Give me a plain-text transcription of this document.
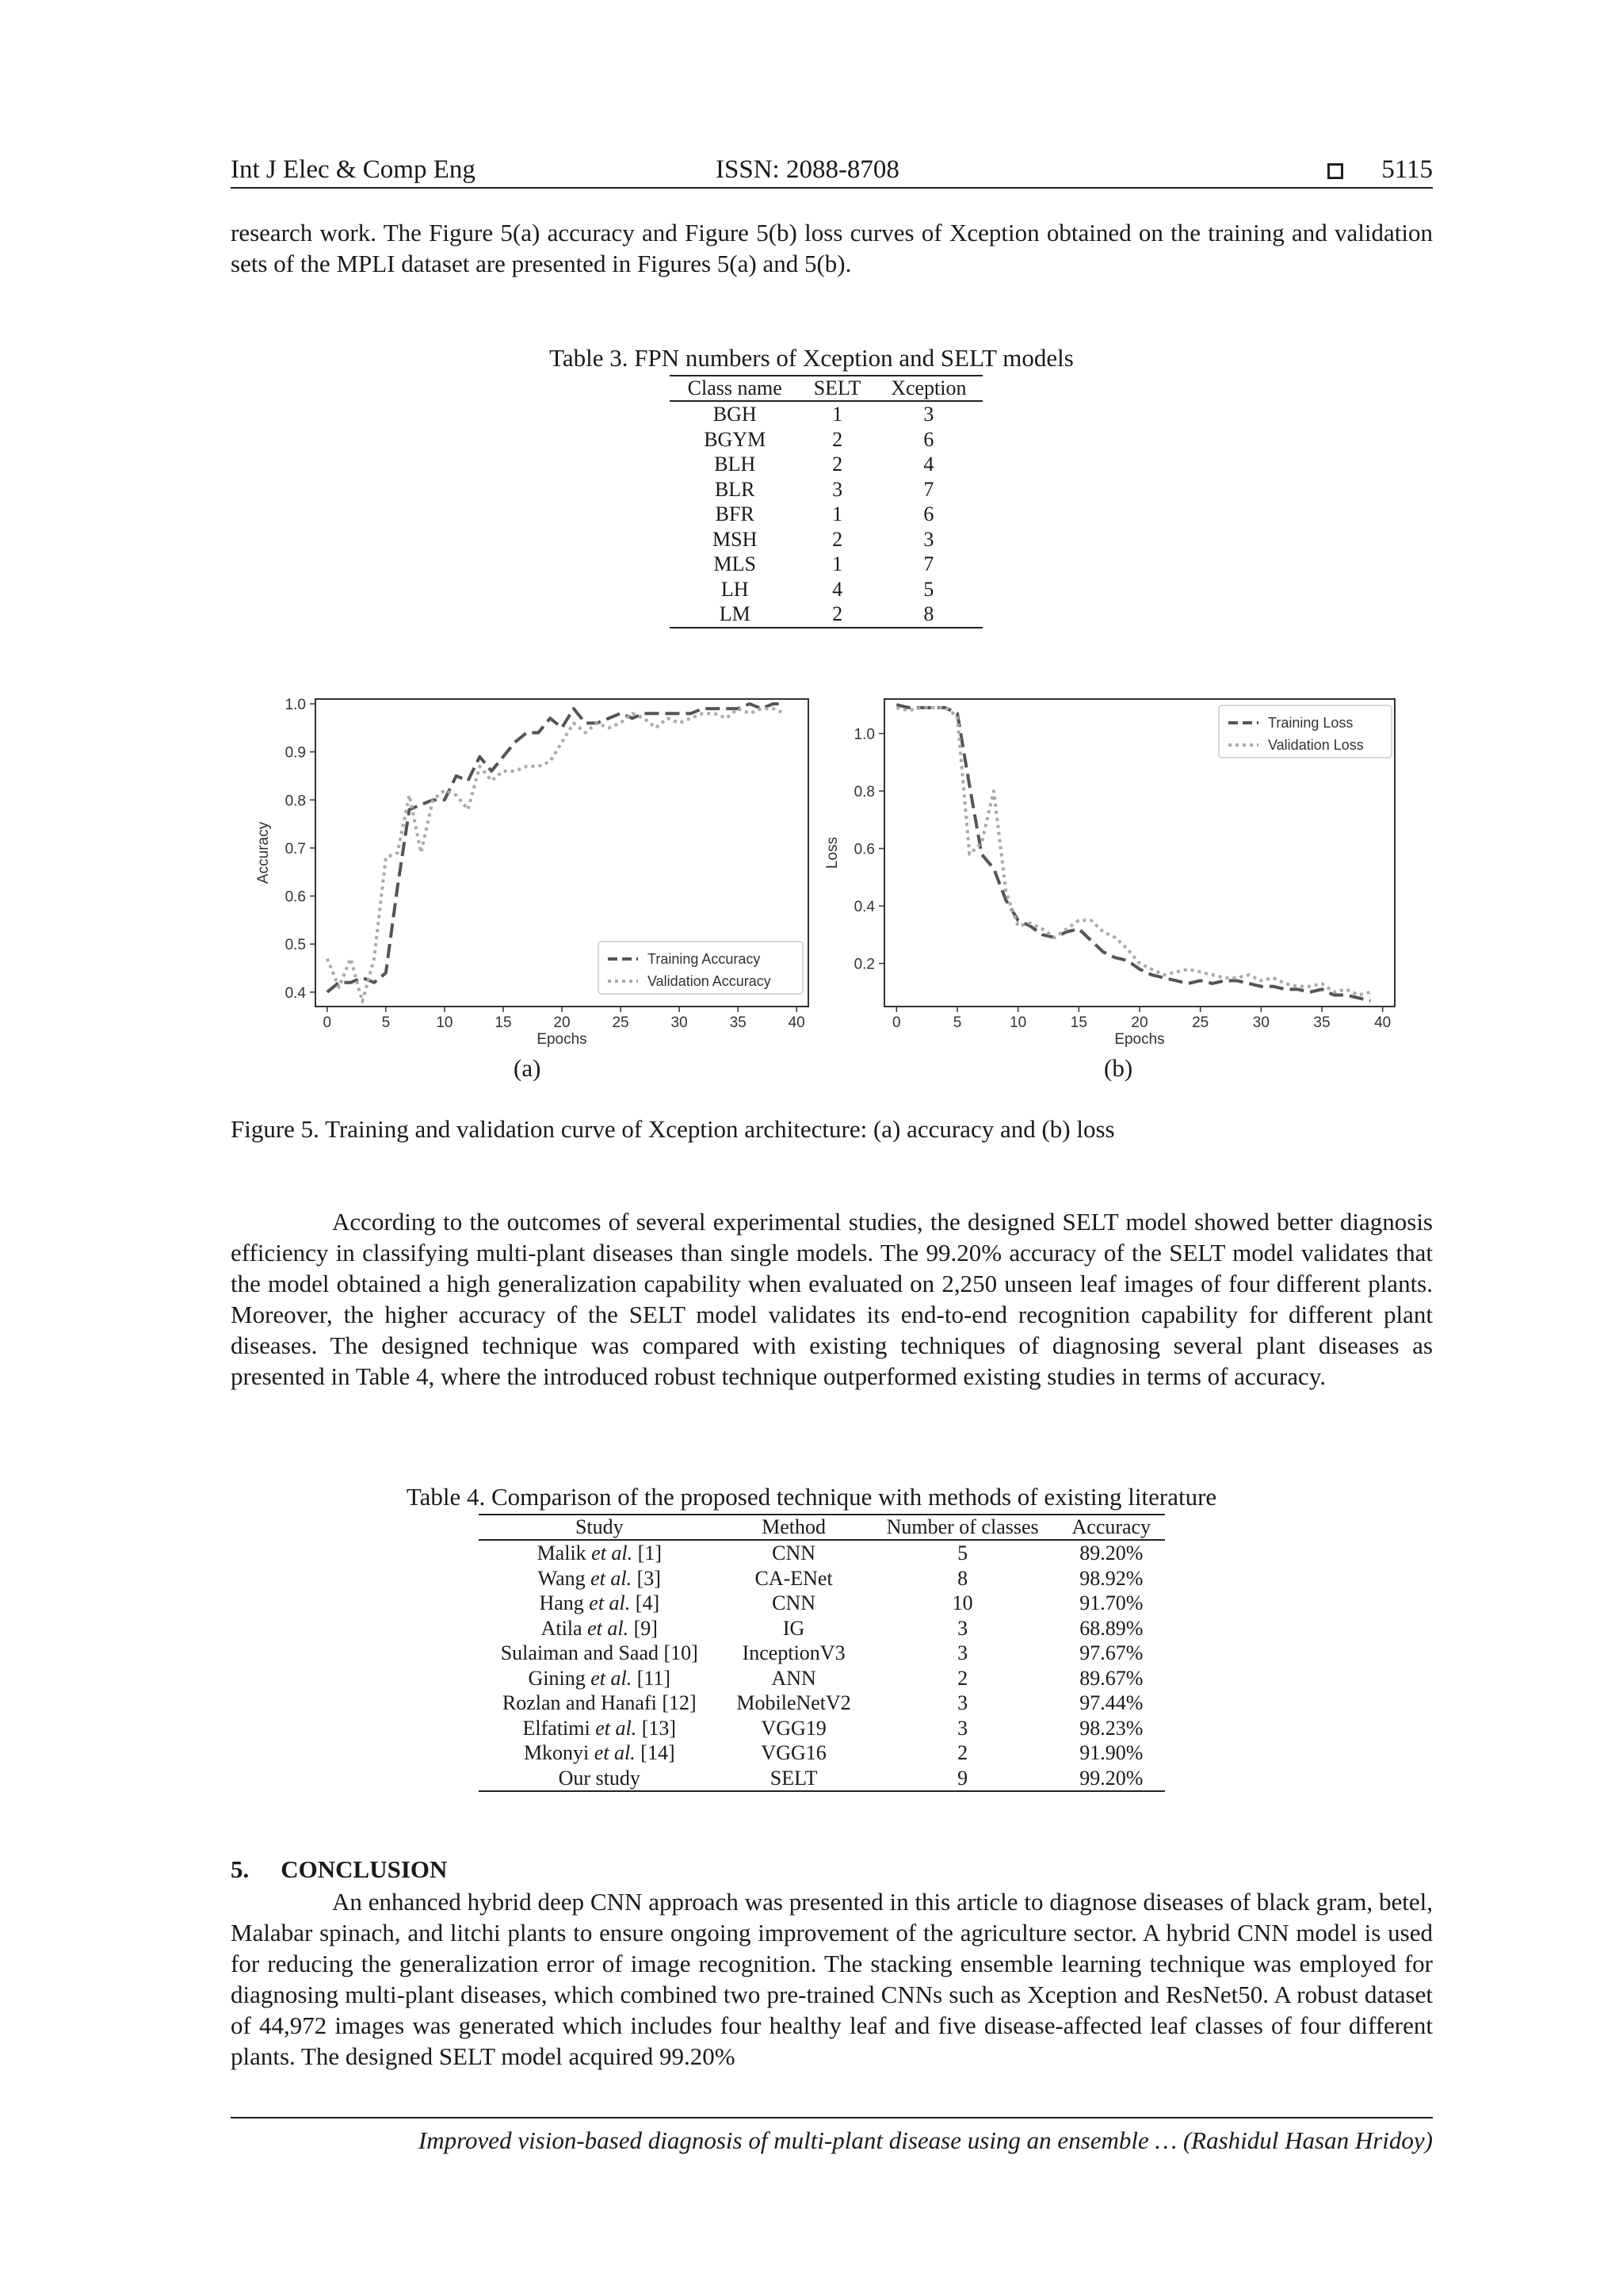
Int J Elec & Comp Eng	ISSN: 2088-8708	5115
research work. The Figure 5(a) accuracy and Figure 5(b) loss curves of Xception obtained on the training and validation sets of the MPLI dataset are presented in Figures 5(a) and 5(b).
Table 3. FPN numbers of Xception and SELT models
Class name	SELT	Xception
BGH	1	3
BGYM	2	6
BLH	2	4
BLR	3	7
BFR	1	6
MSH	2	3
MLS	1	7
LH	4	5
LM	2	8
0	5	10	15	20	25	30	35	40
0.4
0.5
0.6
0.7
0.8
0.9
1.0
Epochs
Accuracy
Training Accuracy
Validation Accuracy
0	5	10	15	20	25	30	35	40
0.2
0.4
0.6
0.8
1.0
Epochs
Loss
Training Loss
Validation Loss
(a)	(b)
Figure 5. Training and validation curve of Xception architecture: (a) accuracy and (b) loss
According to the outcomes of several experimental studies, the designed SELT model showed better diagnosis efficiency in classifying multi-plant diseases than single models. The 99.20% accuracy of the SELT model validates that the model obtained a high generalization capability when evaluated on 2,250 unseen leaf images of four different plants. Moreover, the higher accuracy of the SELT model validates its end-to-end recognition capability for different plant diseases. The designed technique was compared with existing techniques of diagnosing several plant diseases as presented in Table 4, where the introduced robust technique outperformed existing studies in terms of accuracy.
Table 4. Comparison of the proposed technique with methods of existing literature
Study	Method	Number of classes	Accuracy
Malik et al. [1]	CNN	5	89.20%
Wang et al. [3]	CA-ENet	8	98.92%
Hang et al. [4]	CNN	10	91.70%
Atila et al. [9]	IG	3	68.89%
Sulaiman and Saad [10]	InceptionV3	3	97.67%
Gining et al. [11]	ANN	2	89.67%
Rozlan and Hanafi [12]	MobileNetV2	3	97.44%
Elfatimi et al. [13]	VGG19	3	98.23%
Mkonyi et al. [14]	VGG16	2	91.90%
Our study	SELT	9	99.20%
5. CONCLUSION
An enhanced hybrid deep CNN approach was presented in this article to diagnose diseases of black gram, betel, Malabar spinach, and litchi plants to ensure ongoing improvement of the agriculture sector. A hybrid CNN model is used for reducing the generalization error of image recognition. The stacking ensemble learning technique was employed for diagnosing multi-plant diseases, which combined two pre-trained CNNs such as Xception and ResNet50. A robust dataset of 44,972 images was generated which includes four healthy leaf and five disease-affected leaf classes of four different plants. The designed SELT model acquired 99.20%
Improved vision-based diagnosis of multi-plant disease using an ensemble … (Rashidul Hasan Hridoy)
